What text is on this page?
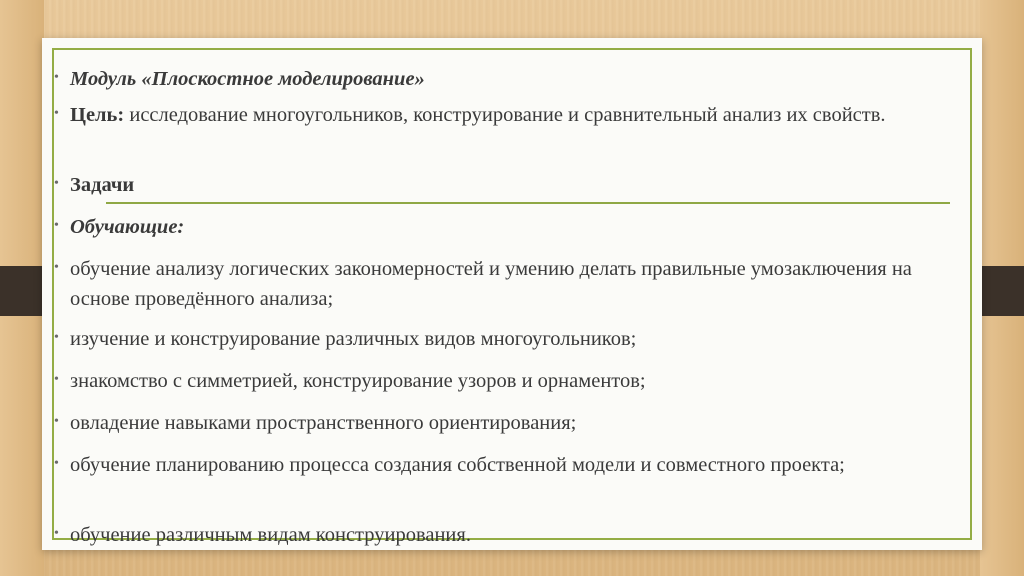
• Модуль «Плоскостное моделирование»
• Цель: исследование многоугольников, конструирование и сравнительный анализ их свойств.
• Задачи
• Обучающие:
• обучение анализу логических закономерностей и умению делать правильные умозаключения на основе проведённого анализа;
• изучение и конструирование различных видов многоугольников;
• знакомство с симметрией, конструирование узоров и орнаментов;
• овладение навыками пространственного ориентирования;
• обучение планированию процесса создания собственной модели и совместного проекта;
• обучение различным видам конструирования.
